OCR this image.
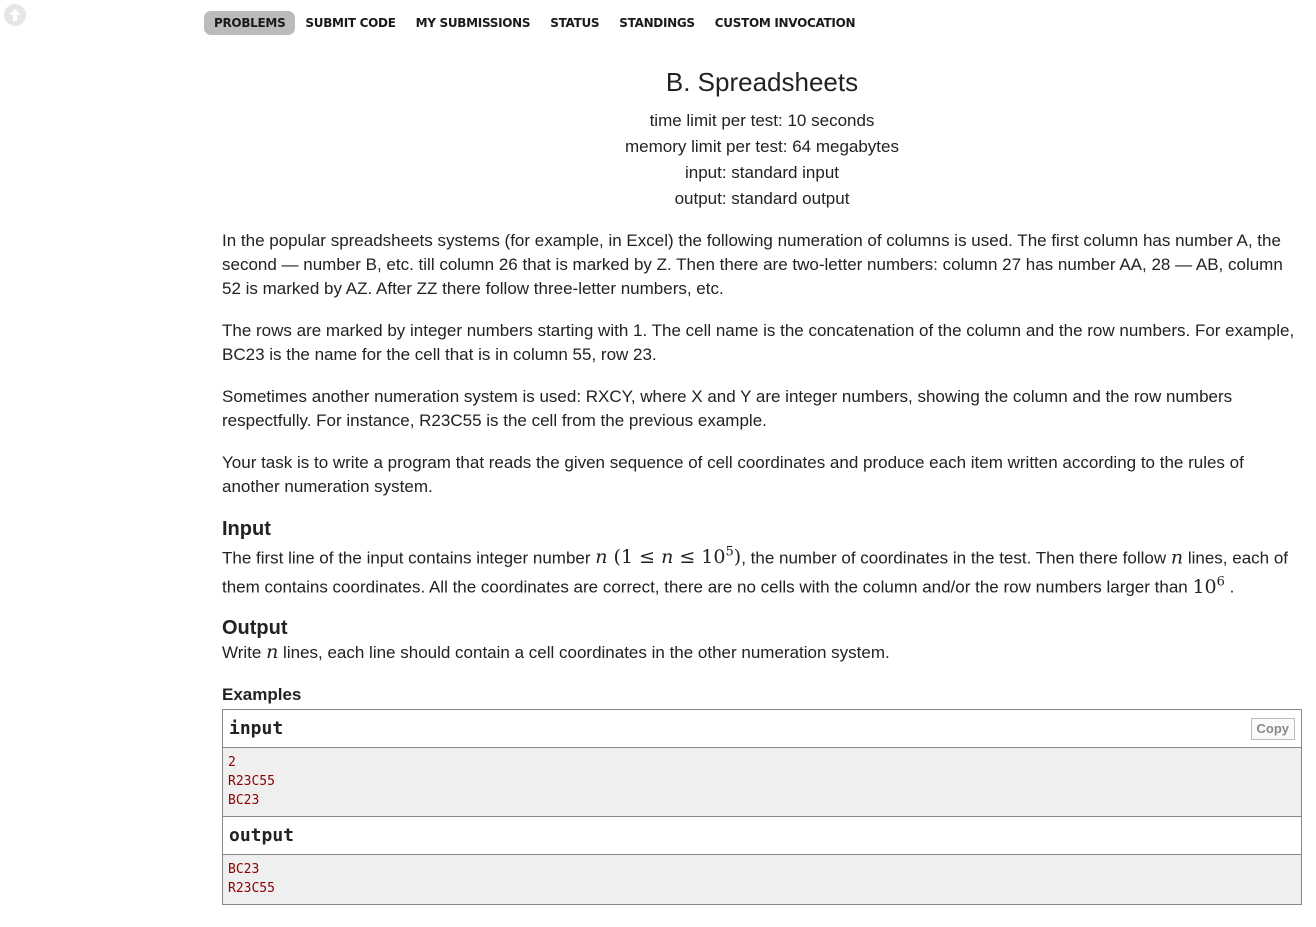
PROBLEMS	SUBMIT CODE	MY SUBMISSIONS	STATUS	STANDINGS	CUSTOM INVOCATION
B. Spreadsheets
time limit per test: 10 seconds
memory limit per test: 64 megabytes
input: standard input
output: standard output

In the popular spreadsheets systems (for example, in Excel) the following numeration of columns is used. The first column has number A, the second — number B, etc. till column 26 that is marked by Z. Then there are two-letter numbers: column 27 has number AA, 28 — AB, column 52 is marked by AZ. After ZZ there follow three-letter numbers, etc.

The rows are marked by integer numbers starting with 1. The cell name is the concatenation of the column and the row numbers. For example, BC23 is the name for the cell that is in column 55, row 23.

Sometimes another numeration system is used: RXCY, where X and Y are integer numbers, showing the column and the row numbers respectfully. For instance, R23C55 is the cell from the previous example.

Your task is to write a program that reads the given sequence of cell coordinates and produce each item written according to the rules of another numeration system.

Input
The first line of the input contains integer number n $(1 \le n \le 10^5)$, the number of coordinates in the test. Then there follow n lines, each of them contains coordinates. All the coordinates are correct, there are no cells with the column and/or the row numbers larger than $10^6$ .
Output
Write n lines, each line should contain a cell coordinates in the other numeration system.
Examples
input	Copy
2
R23C55
BC23
output
BC23
R23C55
